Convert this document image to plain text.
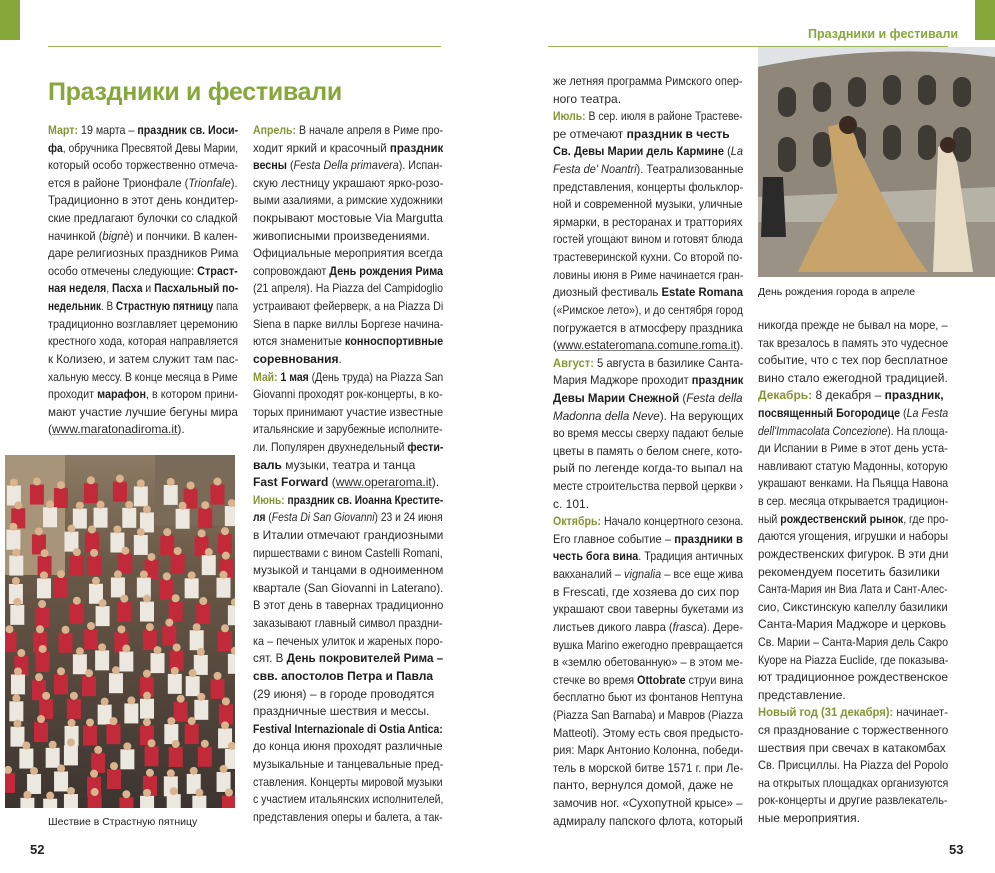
Праздники и фестивали
Март: 19 марта – праздник св. Иоси-
фа, обручника Пресвятой Девы Марии,
который особо торжественно отмеча-
ется в районе Трионфале (Trionfale).
Традиционно в этот день кондитер-
ские предлагают булочки со сладкой
начинкой (bignè) и пончики. В кален-
даре религиозных праздников Рима
особо отмечены следующие: Страст-
ная неделя, Пасха и Пасхальный по-
недельник. В Страстную пятницу папа
традиционно возглавляет церемонию
крестного хода, которая направляется
к Колизею, и затем служит там пас-
хальную мессу. В конце месяца в Риме
проходит марафон, в котором прини-
мают участие лучшие бегуны мира
(www.maratonadiroma.it).
Апрель: В начале апреля в Риме про-
ходит яркий и красочный праздник
весны (Festa Della primavera). Испан-
скую лестницу украшают ярко-розо-
выми азалиями, а римские художники
покрывают мостовые Via Margutta
живописными произведениями.
Официальные мероприятия всегда
сопровождают День рождения Рима
(21 апреля). На Piazza del Campidoglio
устраивают фейерверк, а на Piazza Di
Siena в парке виллы Боргезе начина-
ются знаменитые конноспортивные
соревнования.
Май: 1 мая (День труда) на Piazza San
Giovanni проходят рок-концерты, в ко-
торых принимают участие известные
итальянские и зарубежные исполните-
ли. Популярен двухнедельный фести-
валь музыки, театра и танца
Fast Forward (www.operaroma.it).
Июнь: праздник св. Иоанна Крестите-
ля (Festa Di San Giovanni) 23 и 24 июня
в Италии отмечают грандиозными
пиршествами с вином Castelli Romani,
музыкой и танцами в одноименном
квартале (San Giovanni in Laterano).
В этот день в тавернах традиционно
заказывают главный символ праздни-
ка – печеных улиток и жареных поро-
сят. В День покровителей Рима –
свв. апостолов Петра и Павла
(29 июня) – в городе проводятся
праздничные шествия и мессы.
Festival Internazionale di Ostia Antica:
до конца июня проходят различные
музыкальные и танцевальные пред-
ставления. Концерты мировой музыки
с участием итальянских исполнителей,
представления оперы и балета, а так-
Шествие в Страстную пятницу
52
Праздники и фестивали
же летняя программа Римского опер-
ного театра.
Июль: В сер. июля в районе Трастеве-
ре отмечают праздник в честь
Св. Девы Марии дель Кармине (La
Festa de' Noantri). Театрализованные
представления, концерты фольклор-
ной и современной музыки, уличные
ярмарки, в ресторанах и тратториях
гостей угощают вином и готовят блюда
трастеверинской кухни. Со второй по-
ловины июня в Риме начинается гран-
диозный фестиваль Estate Romana
(«Римское лето»), и до сентября город
погружается в атмосферу праздника
(www.estateromana.comune.roma.it).
Август: 5 августа в базилике Санта-
Мария Маджоре проходит праздник
Девы Марии Снежной (Festa della
Madonna della Neve). На верующих
во время мессы сверху падают белые
цветы в память о белом снеге, кото-
рый по легенде когда-то выпал на
месте строительства первой церкви ›
с. 101.
Октябрь: Начало концертного сезона.
Его главное событие – праздники в
честь бога вина. Традиция античных
вакханалий – vignalia – все еще жива
в Frescati, где хозяева до сих пор
украшают свои таверны букетами из
листьев дикого лавра (frasca). Дере-
вушка Marino ежегодно превращается
в «землю обетованную» – в этом ме-
стечке во время Ottobrate струи вина
бесплатно бьют из фонтанов Нептуна
(Piazza San Barnaba) и Мавров (Piazza
Matteoti). Этому есть своя предысто-
рия: Марк Антонио Колонна, победи-
тель в морской битве 1571 г. при Ле-
панто, вернулся домой, даже не
замочив ног. «Сухопутной крысе» –
адмиралу папского флота, который
День рождения города в апреле
никогда прежде не бывал на море, –
так врезалось в память это чудесное
событие, что с тех пор бесплатное
вино стало ежегодной традицией.
Декабрь: 8 декабря – праздник,
посвященный Богородице (La Festa
dell'Immacolata Concezione). На площа-
ди Испании в Риме в этот день уста-
навливают статую Мадонны, которую
украшают венками. На Пьяцца Навона
в сер. месяца открывается традицион-
ный рождественский рынок, где про-
даются угощения, игрушки и наборы
рождественских фигурок. В эти дни
рекомендуем посетить базилики
Санта-Мария ин Виа Лата и Сант-Алес-
сио, Сикстинскую капеллу базилики
Санта-Мария Маджоре и церковь
Св. Марии – Санта-Мария дель Сакро
Куоре на Piazza Euclide, где показыва-
ют традиционное рождественское
представление.
Новый год (31 декабря): начинает-
ся празднование с торжественного
шествия при свечах в катакомбах
Св. Присциллы. На Piazza del Popolo
на открытых площадках организуются
рок-концерты и другие развлекатель-
ные мероприятия.
53
